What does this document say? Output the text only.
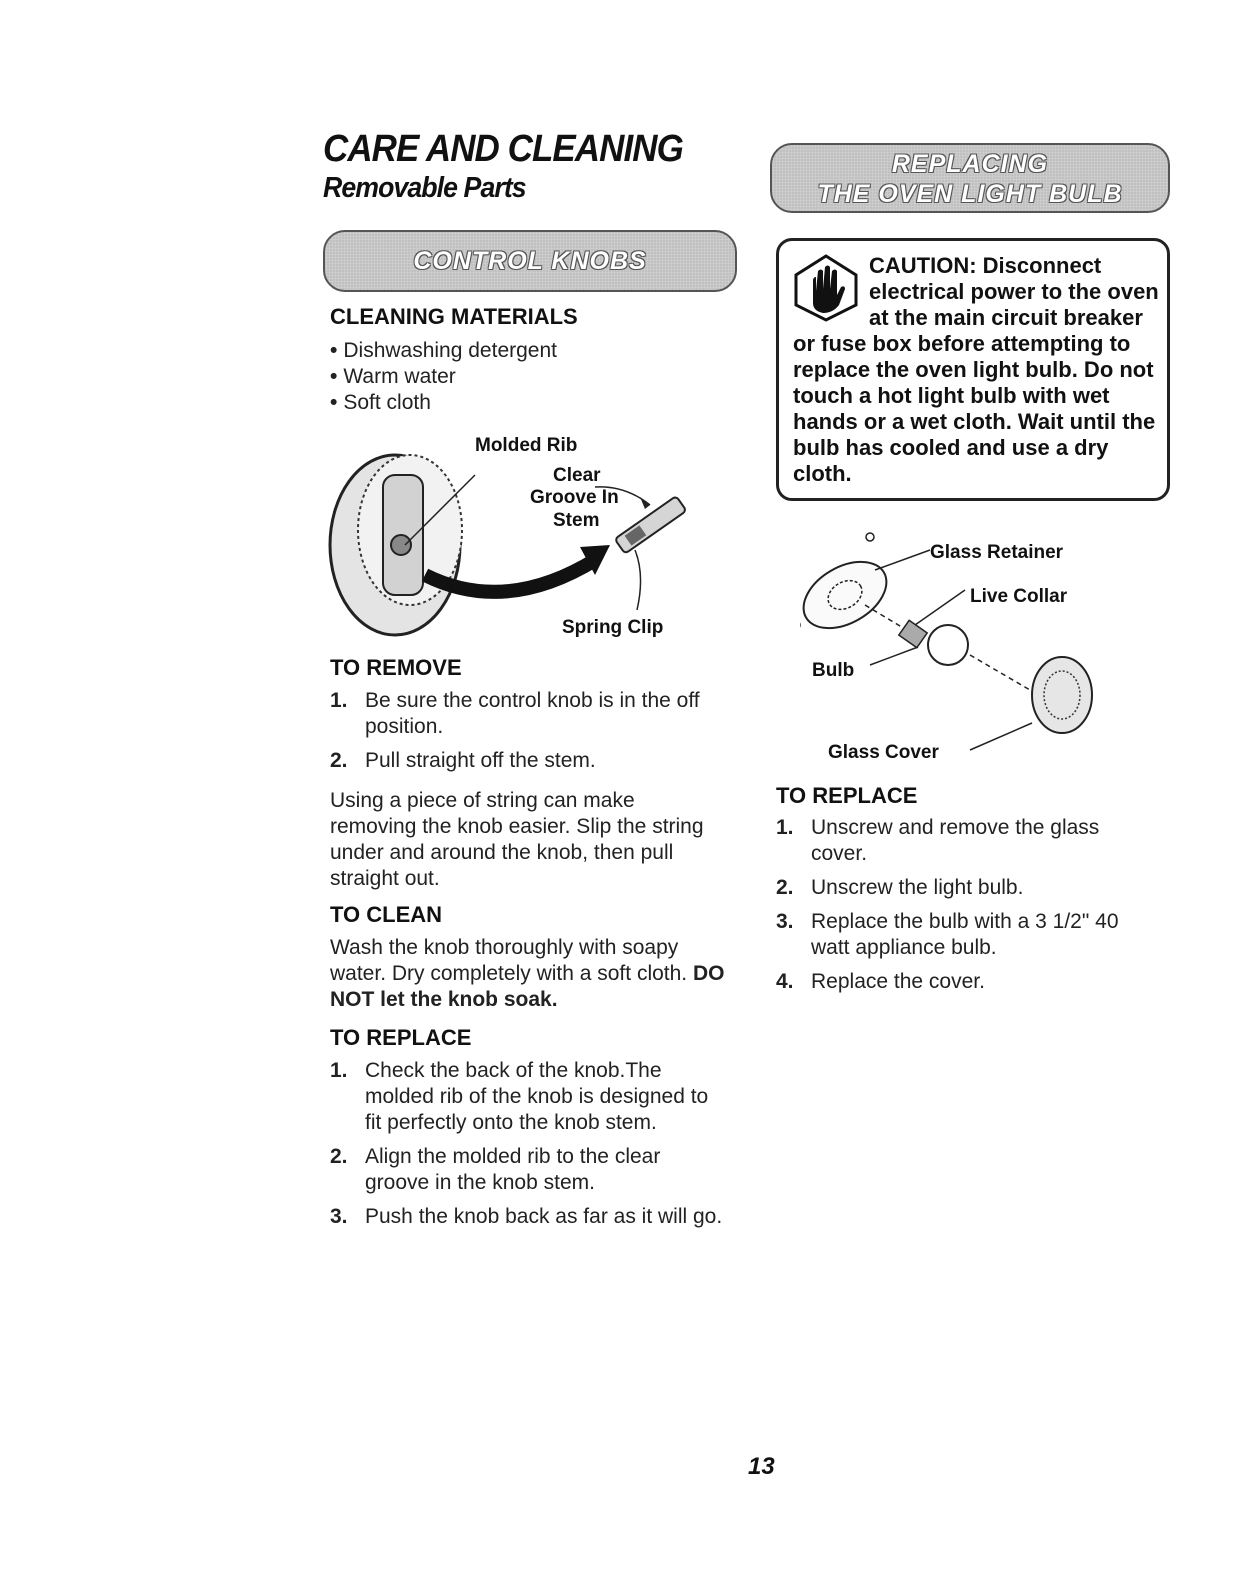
CARE AND CLEANING
Removable Parts
CONTROL KNOBS
CLEANING MATERIALS
• Dishwashing detergent
• Warm water
• Soft cloth
Molded Rib
Clear
Groove In
Stem
Spring Clip
TO REMOVE
1. Be sure the control knob is in the off position.
2. Pull straight off the stem.
Using a piece of string can make removing the knob easier. Slip the string under and around the knob, then pull straight out.
TO CLEAN
Wash the knob thoroughly with soapy water. Dry completely with a soft cloth. DO NOT let the knob soak.
TO REPLACE
1. Check the back of the knob.The molded rib of the knob is designed to fit perfectly onto the knob stem.
2. Align the molded rib to the clear groove in the knob stem.
3. Push the knob back as far as it will go.
REPLACING
THE OVEN LIGHT BULB
CAUTION: Disconnect electrical power to the oven at the main circuit breaker or fuse box before attempting to replace the oven light bulb. Do not touch a hot light bulb with wet hands or a wet cloth. Wait until the bulb has cooled and use a dry cloth.
Glass Retainer
Live Collar
Bulb
Glass Cover
TO REPLACE
1. Unscrew and remove the glass cover.
2. Unscrew the light bulb.
3. Replace the bulb with a 3 1/2" 40 watt appliance bulb.
4. Replace the cover.
13
